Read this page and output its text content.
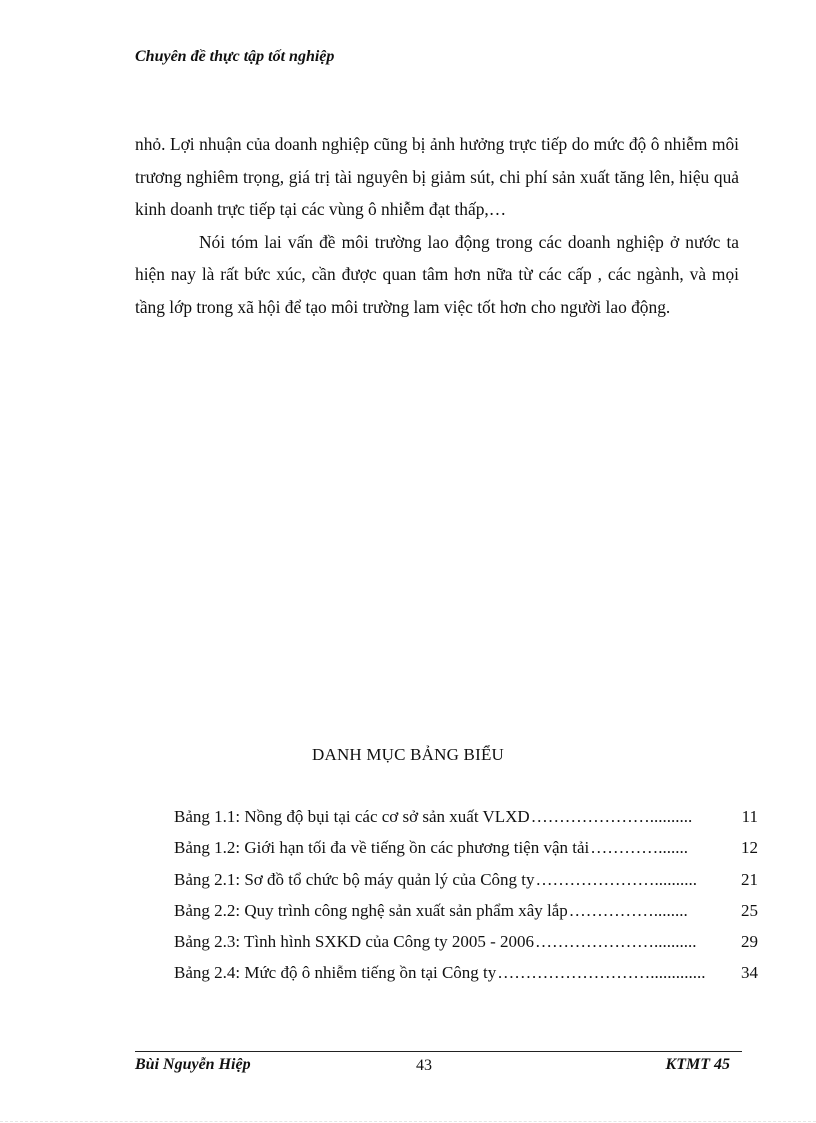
Chuyên đề thực tập tốt nghiệp

nhỏ. Lợi nhuận của doanh nghiệp cũng bị ảnh hưởng trực tiếp do mức độ ô nhiễm môi trương nghiêm trọng, giá trị tài nguyên bị giảm sút, chi phí sản xuất tăng lên, hiệu quả kinh doanh trực tiếp tại các vùng ô nhiễm đạt thấp,…

Nói tóm lai vấn đề môi trường lao động trong các doanh nghiệp ở nước ta hiện nay là rất bức xúc, cần được quan tâm hơn nữa từ các cấp , các ngành, và mọi tầng lớp trong xã hội để tạo môi trường lam việc tốt hơn cho người lao động.

DANH MỤC BẢNG BIỂU
Bảng 1.1: Nồng độ bụi tại các cơ sở sản xuất VLXD …………………..........	11
Bảng 1.2: Giới hạn tối đa về tiếng ồn các phương tiện vận tải ………….......	12
Bảng 2.1: Sơ đồ tổ chức bộ máy quản lý của Công ty …………………..........	21
Bảng 2.2: Quy trình công nghệ sản xuất sản phẩm xây lắp ……………........	25
Bảng 2.3: Tình hình SXKD của Công ty 2005 - 2006 …………………..........	29
Bảng 2.4: Mức độ ô nhiễm tiếng ồn tại Công ty ……………………….............	34
Bùi Nguyễn Hiệp	43	KTMT 45
